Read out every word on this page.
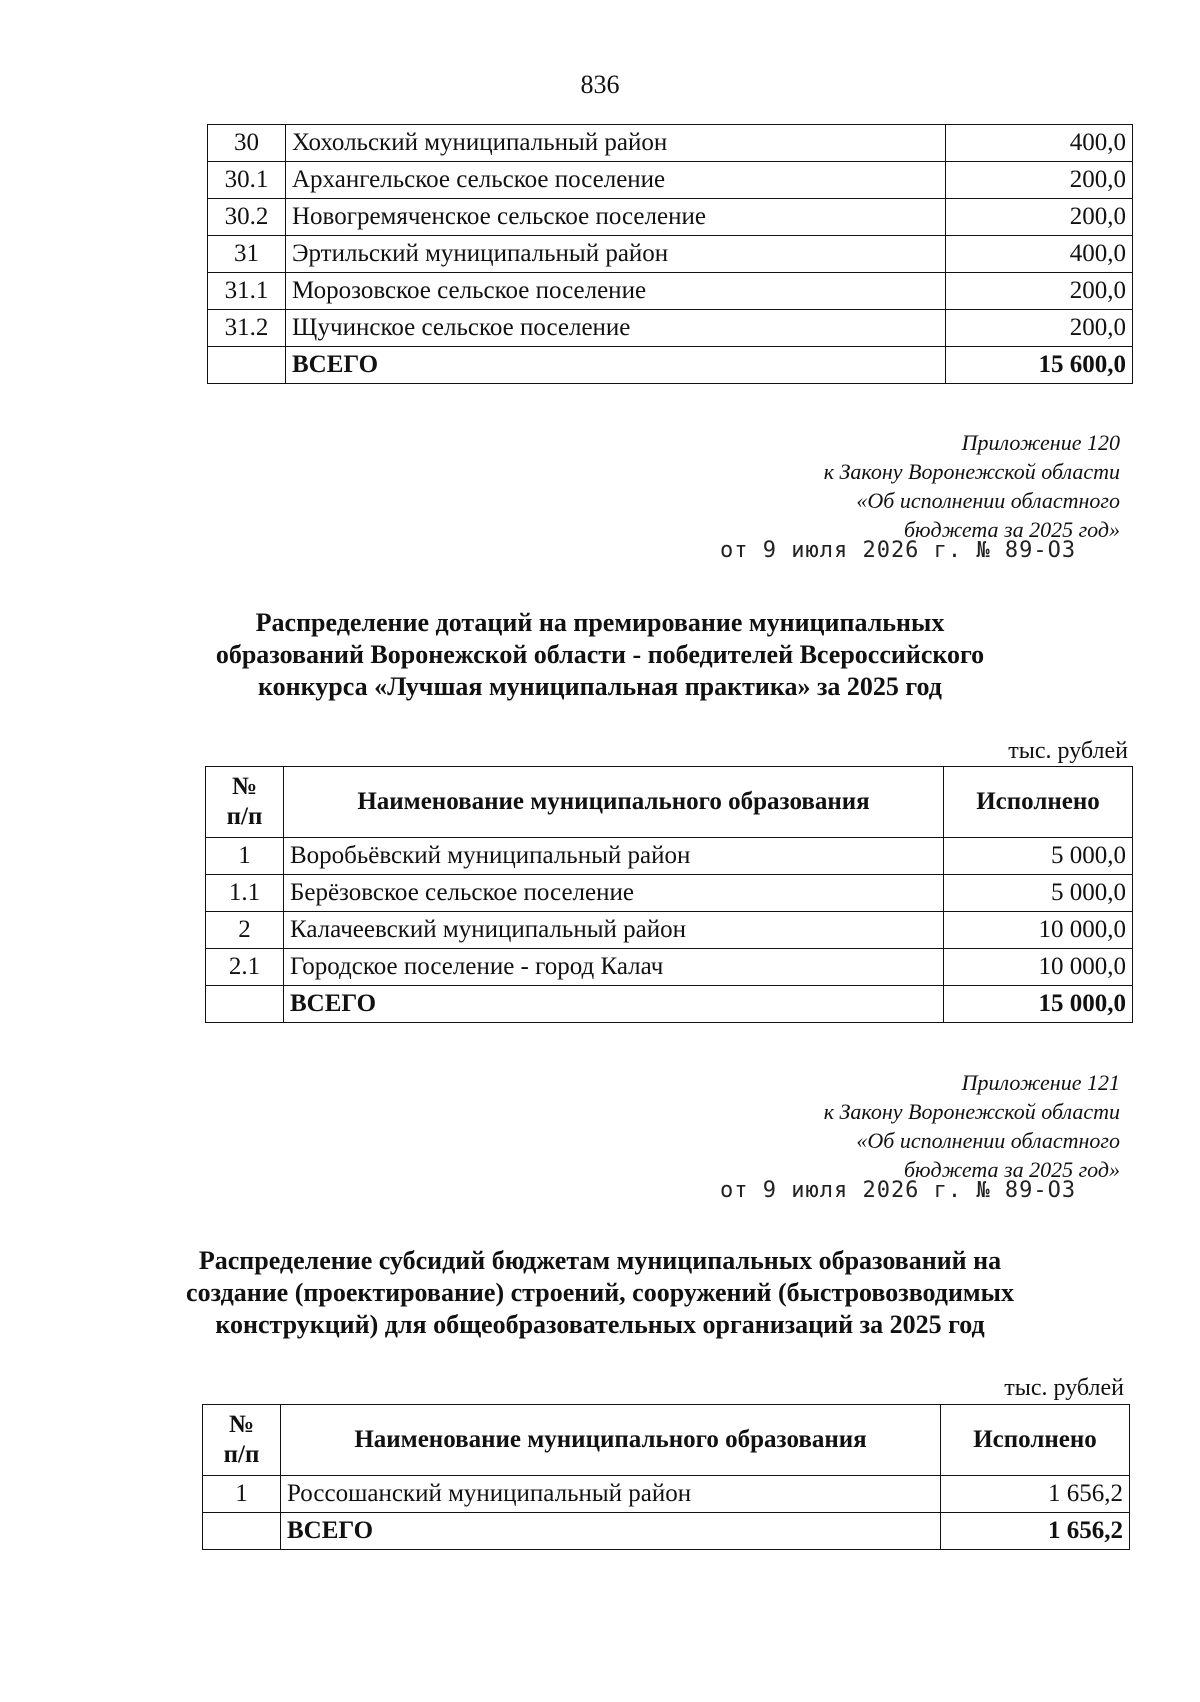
836
30	Хохольский муниципальный район	400,0
30.1	Архангельское сельское поселение	200,0
30.2	Новогремяченское сельское поселение	200,0
31	Эртильский муниципальный район	400,0
31.1	Морозовское сельское поселение	200,0
31.2	Щучинское сельское поселение	200,0
	ВСЕГО	15 600,0
Приложение 120
к Закону Воронежской области
«Об исполнении областного
бюджета за 2025 год»
от 9 июля 2026 г. № 89-ОЗ
Распределение дотаций на премирование муниципальных
образований Воронежской области - победителей Всероссийского
конкурса «Лучшая муниципальная практика» за 2025 год
тыс. рублей
№
п/п	Наименование муниципального образования	Исполнено
1	Воробьёвский муниципальный район	5 000,0
1.1	Берёзовское сельское поселение	5 000,0
2	Калачеевский муниципальный район	10 000,0
2.1	Городское поселение - город Калач	10 000,0
	ВСЕГО	15 000,0
Приложение 121
к Закону Воронежской области
«Об исполнении областного
бюджета за 2025 год»
от 9 июля 2026 г. № 89-ОЗ
Распределение субсидий бюджетам муниципальных образований на
создание (проектирование) строений, сооружений (быстровозводимых
конструкций) для общеобразовательных организаций за 2025 год
тыс. рублей
№
п/п	Наименование муниципального образования	Исполнено
1	Россошанский муниципальный район	1 656,2
	ВСЕГО	1 656,2
